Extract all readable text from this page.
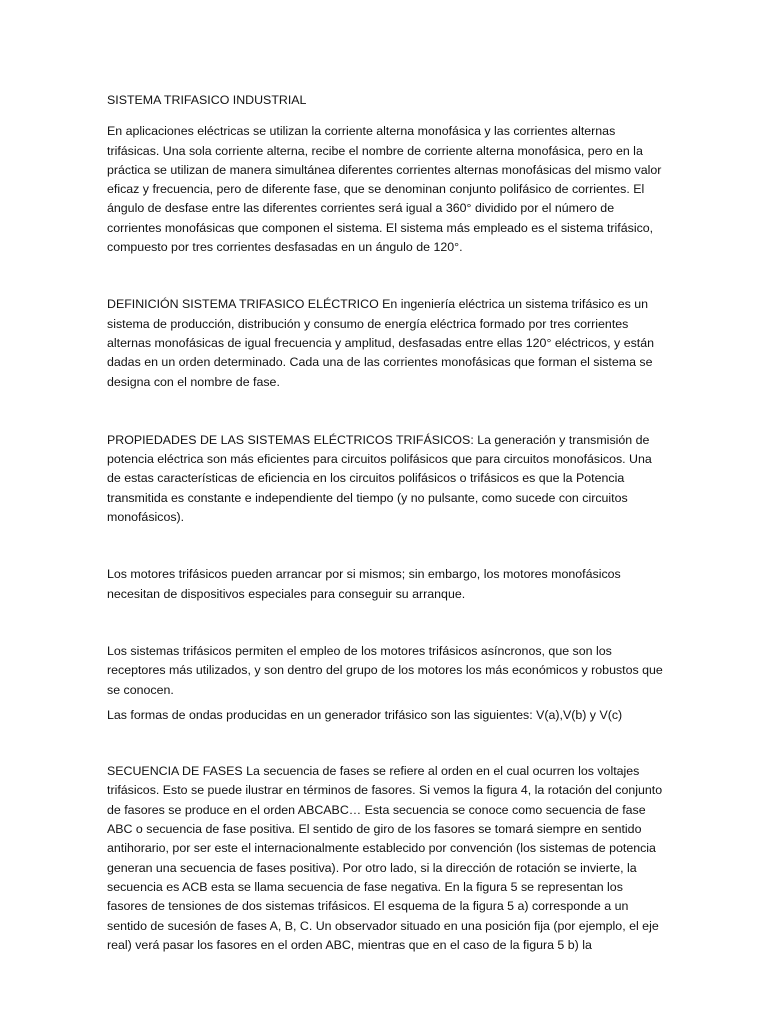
SISTEMA TRIFASICO INDUSTRIAL

En aplicaciones eléctricas se utilizan la corriente alterna monofásica y las corrientes alternas trifásicas. Una sola corriente alterna, recibe el nombre de corriente alterna monofásica, pero en la práctica se utilizan de manera simultánea diferentes corrientes alternas monofásicas del mismo valor eficaz y frecuencia, pero de diferente fase, que se denominan conjunto polifásico de corrientes. El ángulo de desfase entre las diferentes corrientes será igual a 360° dividido por el número de corrientes monofásicas que componen el sistema. El sistema más empleado es el sistema trifásico, compuesto por tres corrientes desfasadas en un ángulo de 120°.

DEFINICIÓN SISTEMA TRIFASICO ELÉCTRICO En ingeniería eléctrica un sistema trifásico es un sistema de producción, distribución y consumo de energía eléctrica formado por tres corrientes alternas monofásicas de igual frecuencia y amplitud, desfasadas entre ellas 120° eléctricos, y están dadas en un orden determinado. Cada una de las corrientes monofásicas que forman el sistema se designa con el nombre de fase.

PROPIEDADES DE LAS SISTEMAS ELÉCTRICOS TRIFÁSICOS: La generación y transmisión de potencia eléctrica son más eficientes para circuitos polifásicos que para circuitos monofásicos. Una de estas características de eficiencia en los circuitos polifásicos o trifásicos es que la Potencia transmitida es constante e independiente del tiempo (y no pulsante, como sucede con circuitos monofásicos).

Los motores trifásicos pueden arrancar por si mismos; sin embargo, los motores monofásicos necesitan de dispositivos especiales para conseguir su arranque.

Los sistemas trifásicos permiten el empleo de los motores trifásicos asíncronos, que son los receptores más utilizados, y son dentro del grupo de los motores los más económicos y robustos que se conocen.

Las formas de ondas producidas en un generador trifásico son las siguientes: V(a),V(b) y V(c)

SECUENCIA DE FASES La secuencia de fases se refiere al orden en el cual ocurren los voltajes trifásicos. Esto se puede ilustrar en términos de fasores. Si vemos la figura 4, la rotación del conjunto de fasores se produce en el orden ABCABC… Esta secuencia se conoce como secuencia de fase ABC o secuencia de fase positiva. El sentido de giro de los fasores se tomará siempre en sentido antihorario, por ser este el internacionalmente establecido por convención (los sistemas de potencia generan una secuencia de fases positiva). Por otro lado, si la dirección de rotación se invierte, la secuencia es ACB esta se llama secuencia de fase negativa. En la figura 5 se representan los fasores de tensiones de dos sistemas trifásicos. El esquema de la figura 5 a) corresponde a un sentido de sucesión de fases A, B, C. Un observador situado en una posición fija (por ejemplo, el eje real) verá pasar los fasores en el orden ABC, mientras que en el caso de la figura 5 b) la
